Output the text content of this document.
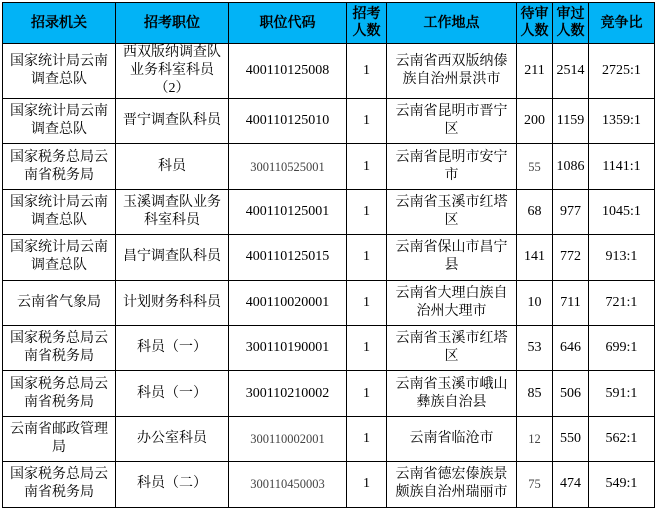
招录机关	招考职位	职位代码	招考人数	工作地点	待审人数	审过人数	竞争比
国家统计局云南调查总队	西双版纳调查队业务科室科员（2）	400110125008	1	云南省西双版纳傣族自治州景洪市	211	2514	2725:1
国家统计局云南调查总队	晋宁调查队科员	400110125010	1	云南省昆明市晋宁区	200	1159	1359:1
国家税务总局云南省税务局	科员	300110525001	1	云南省昆明市安宁市	55	1086	1141:1
国家统计局云南调查总队	玉溪调查队业务科室科员	400110125001	1	云南省玉溪市红塔区	68	977	1045:1
国家统计局云南调查总队	昌宁调查队科员	400110125015	1	云南省保山市昌宁县	141	772	913:1
云南省气象局	计划财务科科员	400110020001	1	云南省大理白族自治州大理市	10	711	721:1
国家税务总局云南省税务局	科员（一）	300110190001	1	云南省玉溪市红塔区	53	646	699:1
国家税务总局云南省税务局	科员（一）	300110210002	1	云南省玉溪市峨山彝族自治县	85	506	591:1
云南省邮政管理局	办公室科员	300110002001	1	云南省临沧市	12	550	562:1
国家税务总局云南省税务局	科员（二）	300110450003	1	云南省德宏傣族景颇族自治州瑞丽市	75	474	549:1
